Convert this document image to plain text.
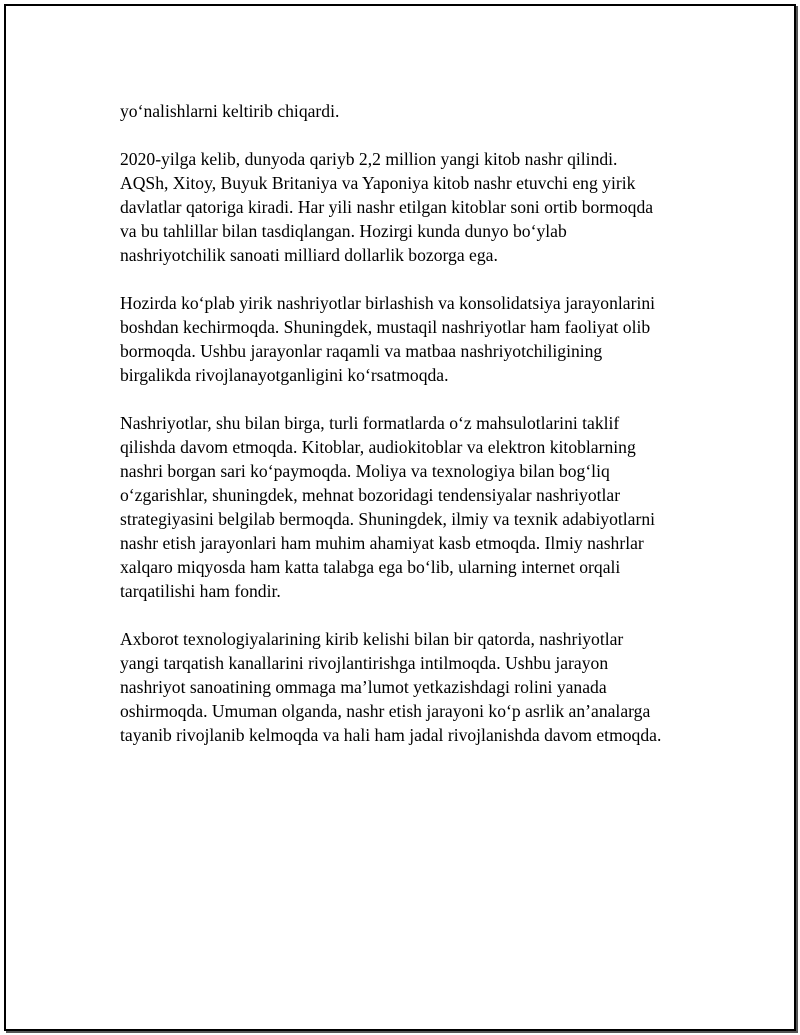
yoʻnalishlarni keltirib chiqardi.

2020-yilga kelib, dunyoda qariyb 2,2 million yangi kitob nashr qilindi.
AQSh, Xitoy, Buyuk Britaniya va Yaponiya kitob nashr etuvchi eng yirik
davlatlar qatoriga kiradi. Har yili nashr etilgan kitoblar soni ortib bormoqda
va bu tahlillar bilan tasdiqlangan. Hozirgi kunda dunyo boʻylab
nashriyotchilik sanoati milliard dollarlik bozorga ega.

Hozirda koʻplab yirik nashriyotlar birlashish va konsolidatsiya jarayonlarini
boshdan kechirmoqda. Shuningdek, mustaqil nashriyotlar ham faoliyat olib
bormoqda. Ushbu jarayonlar raqamli va matbaa nashriyotchiligining
birgalikda rivojlanayotganligini koʻrsatmoqda.

Nashriyotlar, shu bilan birga, turli formatlarda oʻz mahsulotlarini taklif
qilishda davom etmoqda. Kitoblar, audiokitoblar va elektron kitoblarning
nashri borgan sari koʻpaymoqda. Moliya va texnologiya bilan bogʻliq
oʻzgarishlar, shuningdek, mehnat bozoridagi tendensiyalar nashriyotlar
strategiyasini belgilab bermoqda. Shuningdek, ilmiy va texnik adabiyotlarni
nashr etish jarayonlari ham muhim ahamiyat kasb etmoqda. Ilmiy nashrlar
xalqaro miqyosda ham katta talabga ega boʻlib, ularning internet orqali
tarqatilishi ham fondir.

Axborot texnologiyalarining kirib kelishi bilan bir qatorda, nashriyotlar
yangi tarqatish kanallarini rivojlantirishga intilmoqda. Ushbu jarayon
nashriyot sanoatining ommaga maʼlumot yetkazishdagi rolini yanada
oshirmoqda. Umuman olganda, nashr etish jarayoni koʻp asrlik anʼanalarga
tayanib rivojlanib kelmoqda va hali ham jadal rivojlanishda davom etmoqda.
